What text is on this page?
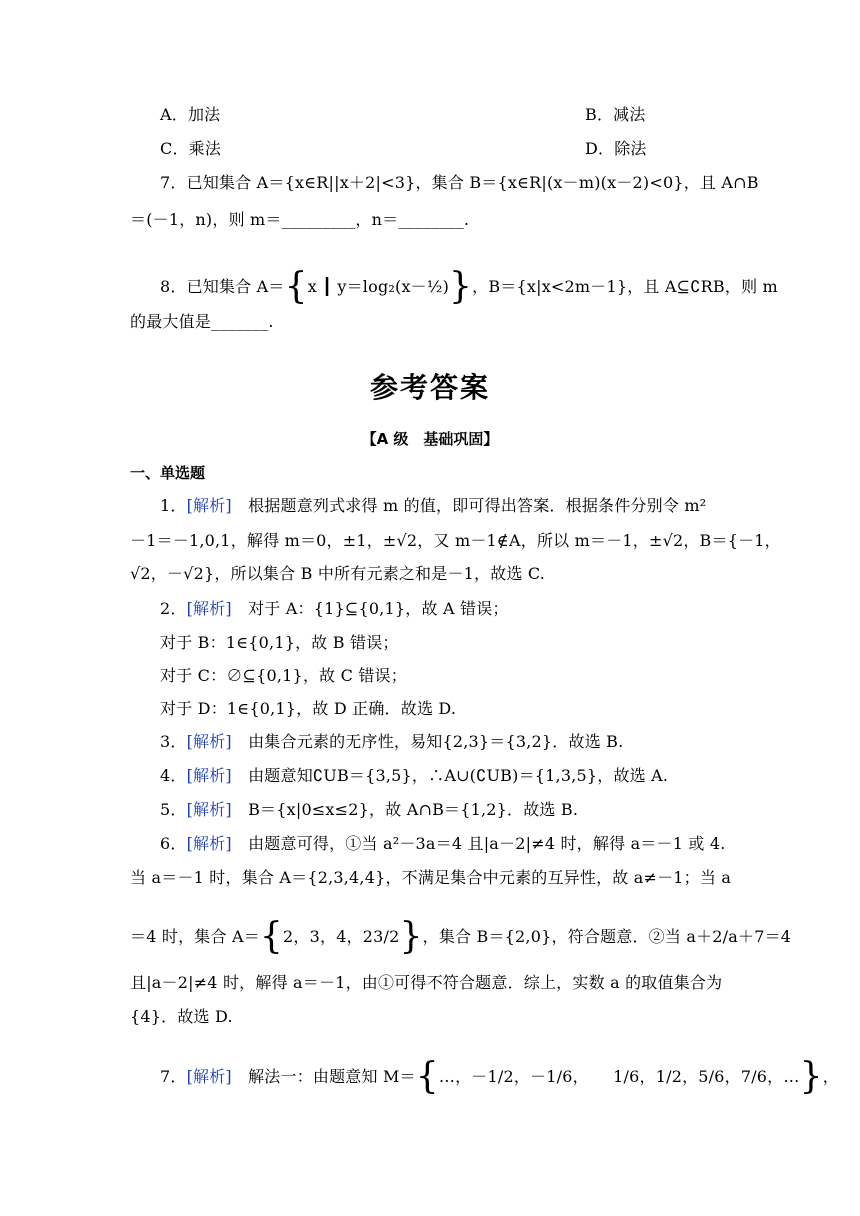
A．加法	B．减法
C．乘法	D．除法
7．已知集合 A＝{x∈R||x＋2|<3}，集合 B＝{x∈R|(x－m)(x－2)<0}，且 A∩B
＝(－1，n)，则 m＝_________，n＝________.
8．已知集合 A＝{x ┃ y＝log₂(x－½)}，B＝{x|x<2m－1}，且 A⊆∁RB，则 m
的最大值是_______.
参考答案
【A 级　基础巩固】
一、单选题
1．[解析]　根据题意列式求得 m 的值，即可得出答案．根据条件分别令 m²
－1＝－1,0,1，解得 m＝0，±1，±√2，又 m－1∉A，所以 m＝－1，±√2，B＝{－1，
√2，－√2}，所以集合 B 中所有元素之和是－1，故选 C.
2．[解析]　对于 A：{1}⊆{0,1}，故 A 错误；
对于 B：1∈{0,1}，故 B 错误；
对于 C：∅⊆{0,1}，故 C 错误；
对于 D：1∈{0,1}，故 D 正确．故选 D.
3．[解析]　由集合元素的无序性，易知{2,3}＝{3,2}．故选 B.
4．[解析]　由题意知∁UB＝{3,5}，∴A∪(∁UB)＝{1,3,5}，故选 A.
5．[解析]　B＝{x|0≤x≤2}，故 A∩B＝{1,2}．故选 B.
6．[解析]　由题意可得，①当 a²－3a＝4 且|a－2|≠4 时，解得 a＝－1 或 4.
当 a＝－1 时，集合 A＝{2,3,4,4}，不满足集合中元素的互异性，故 a≠－1；当 a
＝4 时，集合 A＝{2，3，4，23/2}，集合 B＝{2,0}，符合题意．②当 a＋2/a＋7＝4
且|a－2|≠4 时，解得 a＝－1，由①可得不符合题意．综上，实数 a 的取值集合为
{4}．故选 D.
7．[解析]　解法一：由题意知 M＝{…，－1/2，－1/6，　　1/6，1/2，5/6，7/6，…}，
